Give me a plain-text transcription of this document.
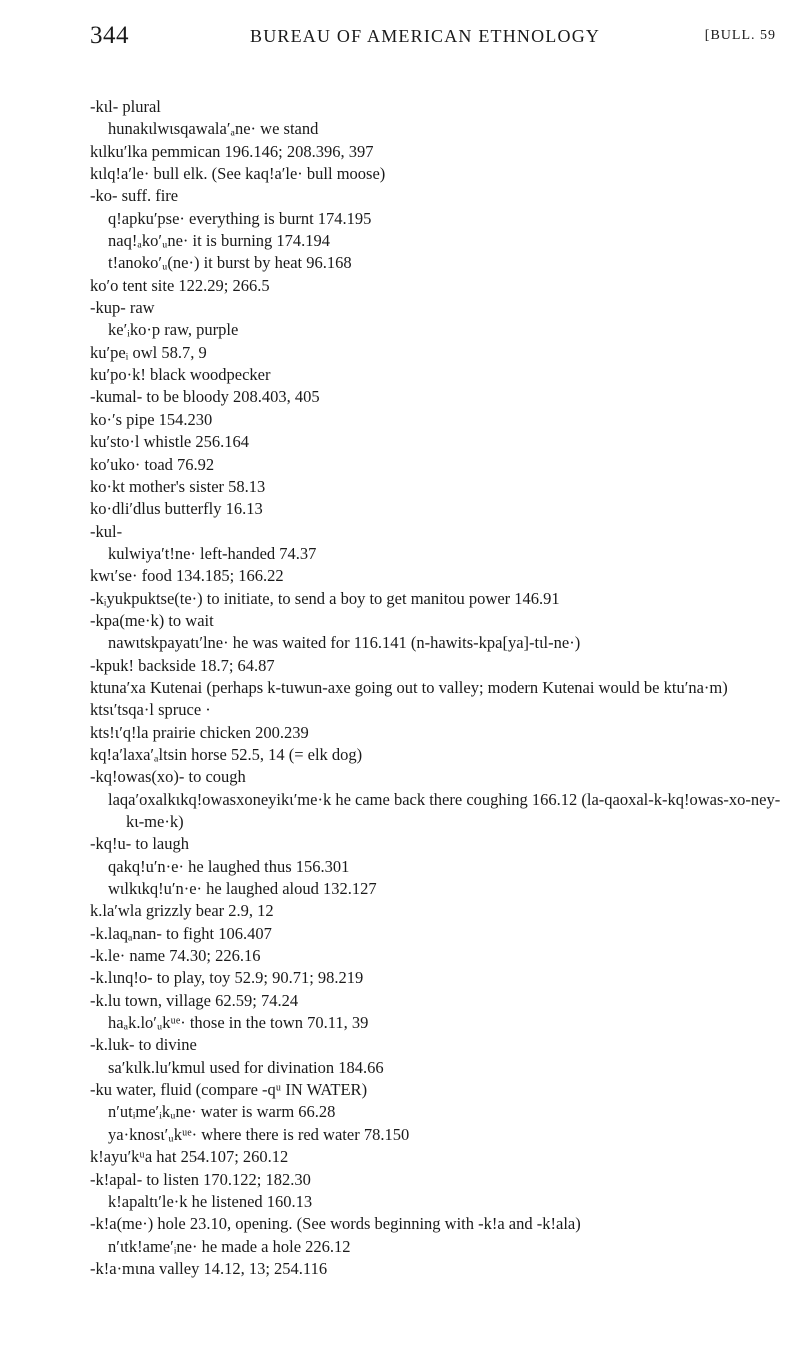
344	BUREAU OF AMERICAN ETHNOLOGY	[BULL. 59
-kɩl- plural
hunakɩlwɩsqawala′ₐne· we stand
kɩlku′lka pemmican 196.146; 208.396, 397
kɩlq!a′le· bull elk. (See kaq!a′le· bull moose)
-ko- suff. fire
q!apku′pse· everything is burnt 174.195
naq!ₐko′ᵤne· it is burning 174.194
t!anoko′ᵤ(ne·) it burst by heat 96.168
ko′o tent site 122.29; 266.5
-kup- raw
ke′ᵢko·p raw, purple
ku′peᵢ owl 58.7, 9
ku′po·k! black woodpecker
-kumal- to be bloody 208.403, 405
ko·′s pipe 154.230
ku′sto·l whistle 256.164
ko′uko· toad 76.92
ko·kt mother's sister 58.13
ko·dli′dlus butterfly 16.13
-kul-
kulwiya′t!ne· left-handed 74.37
kwɩ′se· food 134.185; 166.22
-kᵢyukpuktse(te·) to initiate, to send a boy to get manitou power 146.91
-kpa(me·k) to wait
nawɩtskpayatɩ′lne· he was waited for 116.141 (n-hawits-kpa[ya]-tɩl-ne·)
-kpuk! backside 18.7; 64.87
ktuna′xa Kutenai (perhaps k-tuwun-axe going out to valley; modern Kutenai would be ktu′na·m)
ktsɩ′tsqa·l spruce ·
kts!ɩ′q!la prairie chicken 200.239
kq!a′laxa′ₐltsin horse 52.5, 14 (= elk dog)
-kq!owas(xo)- to cough
laqa′oxalkɩkq!owasxoneyikɩ′me·k he came back there coughing 166.12 (la-qaoxal-k-kq!owas-xo-ney-kɩ-me·k)
-kq!u- to laugh
qakq!u′n·e· he laughed thus 156.301
wɩlkɩkq!u′n·e· he laughed aloud 132.127
k.la′wla grizzly bear 2.9, 12
-k.laqₐnan- to fight 106.407
-k.le· name 74.30; 226.16
-k.lɩnq!o- to play, toy 52.9; 90.71; 98.219
-k.lu town, village 62.59; 74.24
haₐk.lo′ᵤkᵘᵉ· those in the town 70.11, 39
-k.luk- to divine
sa′kɩlk.lu′kmul used for divination 184.66
-ku water, fluid (compare -qᵘ IN WATER)
n′utᵢme′ᵢkᵤne· water is warm 66.28
ya·knosɩ′ᵤkᵘᵉ· where there is red water 78.150
k!ayu′kᵘa hat 254.107; 260.12
-k!apal- to listen 170.122; 182.30
k!apaltɩ′le·k he listened 160.13
-k!a(me·) hole 23.10, opening. (See words beginning with -k!a and -k!ala)
n′ɩtk!ame′ᵢne· he made a hole 226.12
-k!a·mɩna valley 14.12, 13; 254.116
